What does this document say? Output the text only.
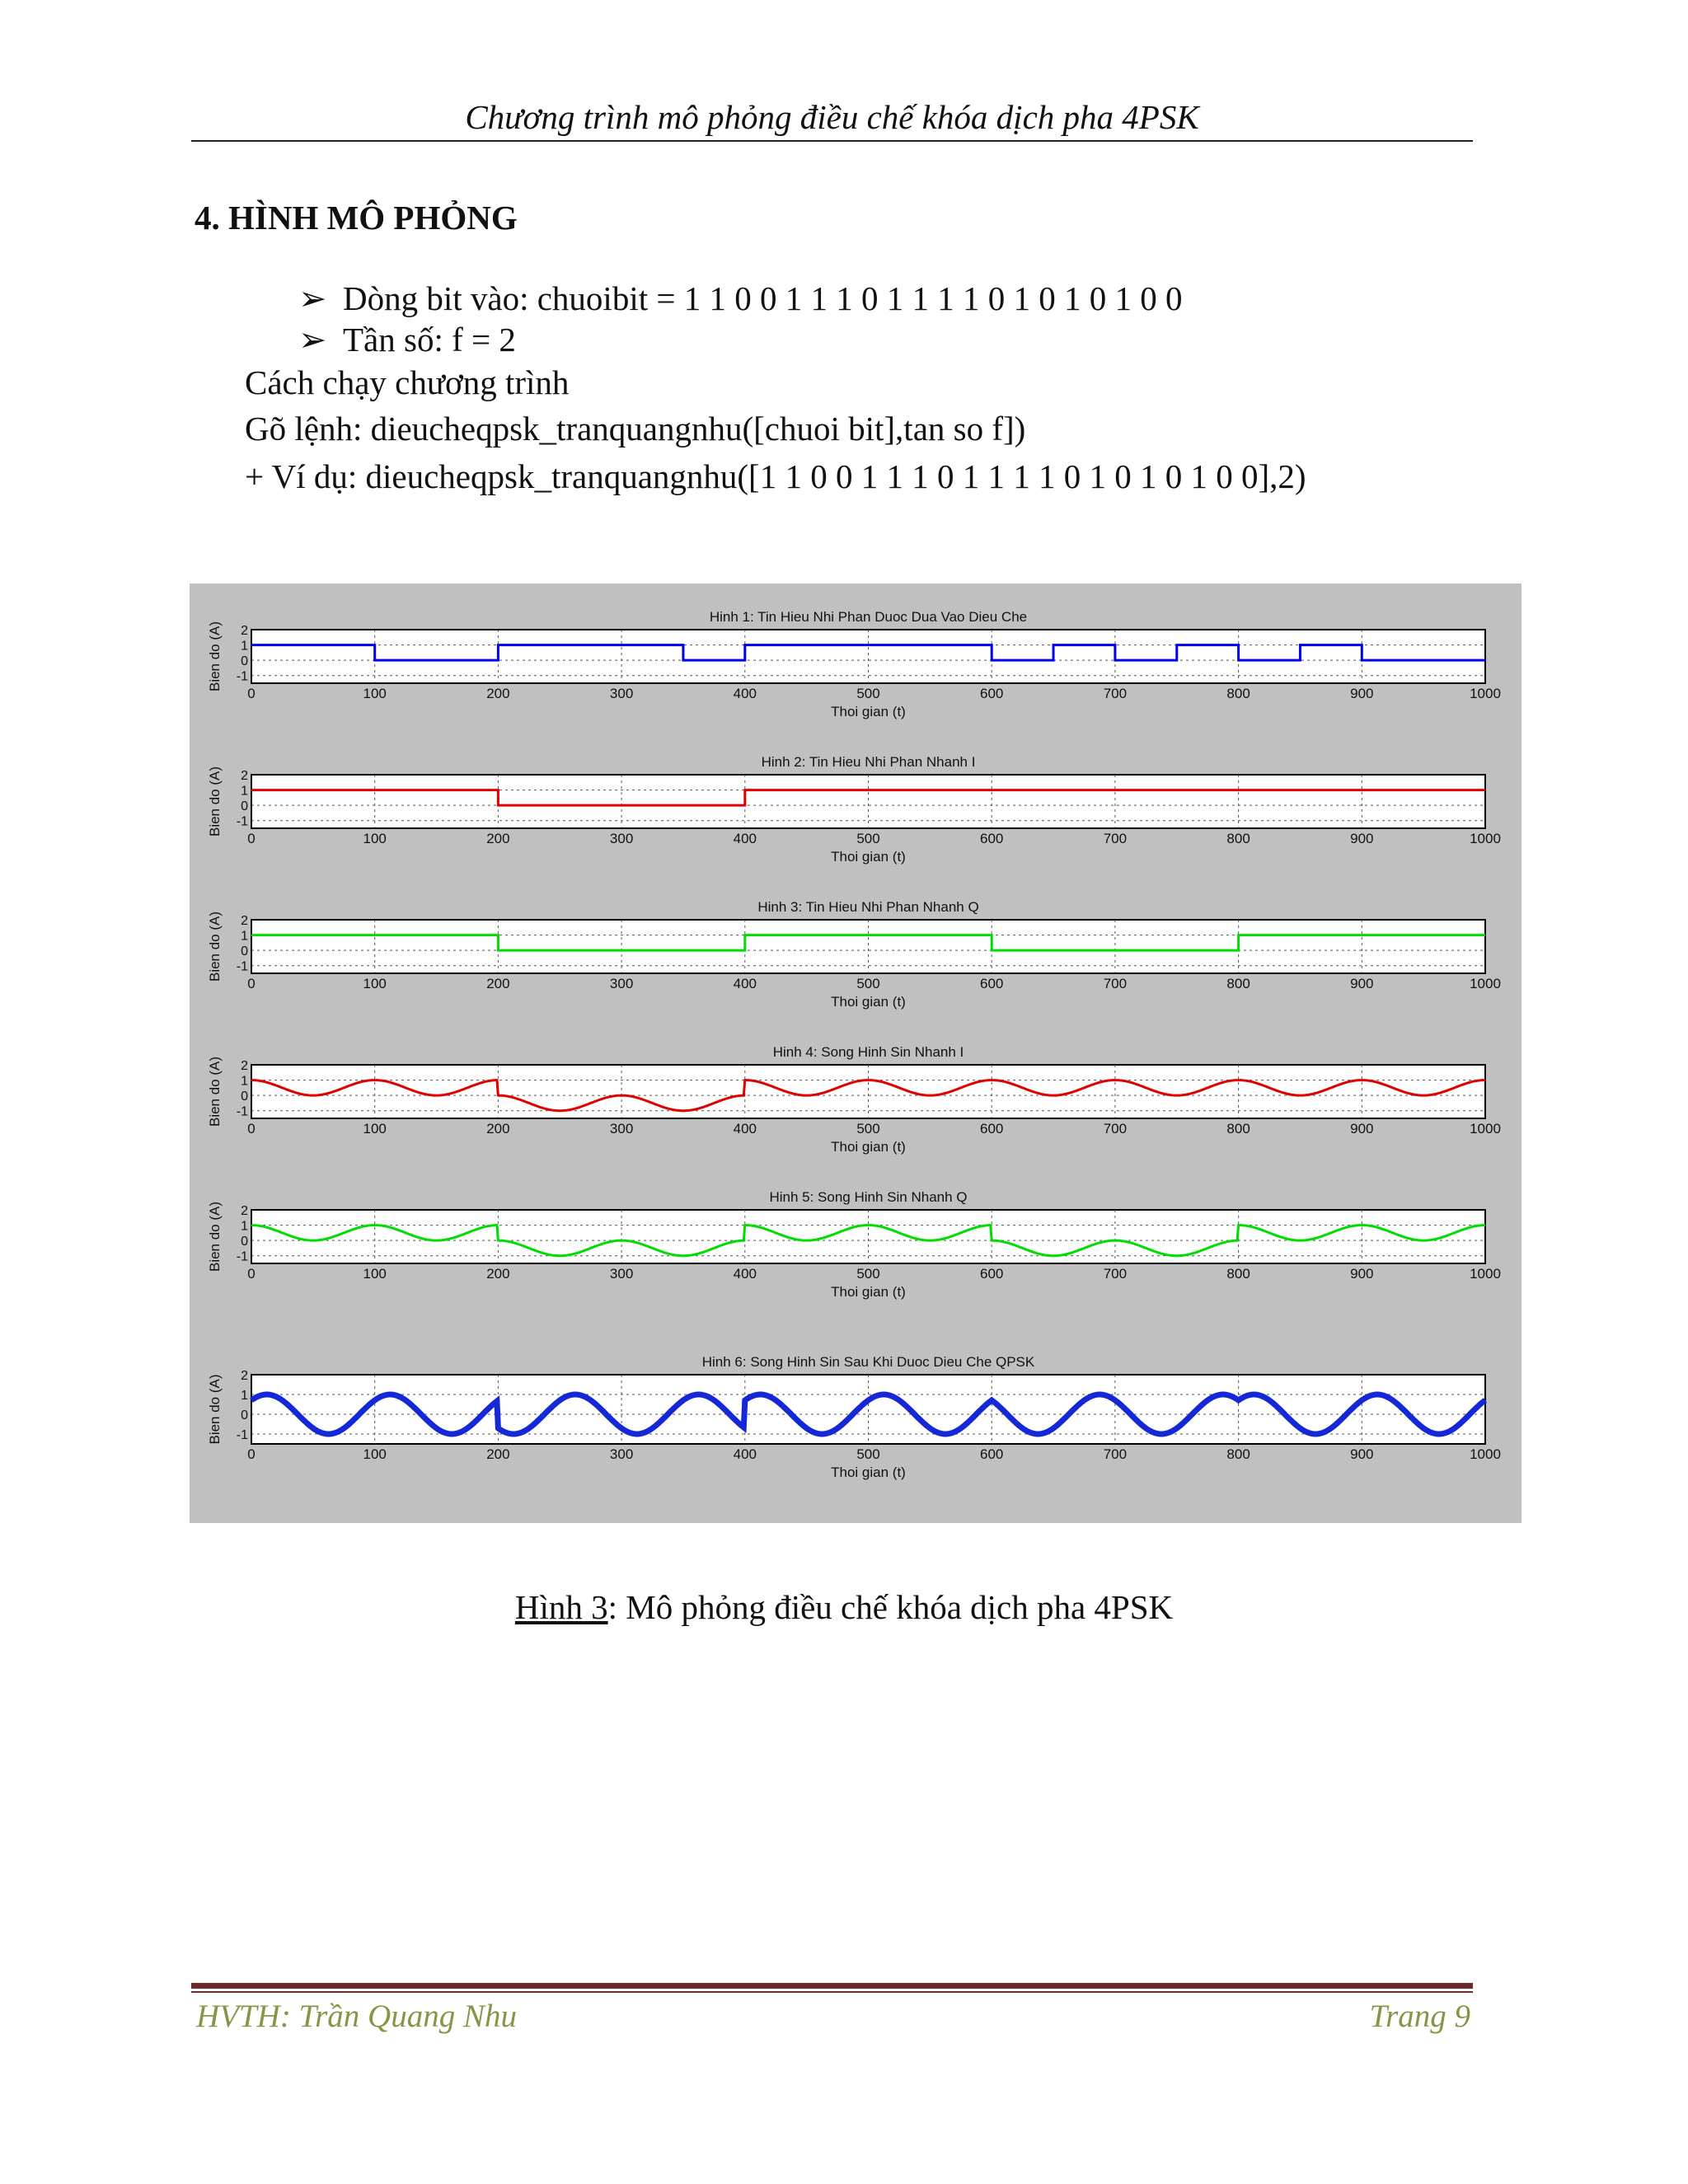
Chương trình mô phỏng điều chế khóa dịch pha 4PSK
4. HÌNH MÔ PHỎNG
➢ Dòng bit vào: chuoibit = 1 1 0 0 1 1 1 0 1 1 1 1 0 1 0 1 0 1 0 0
➢ Tần số: f = 2
Cách chạy chương trình
Gõ lệnh: dieucheqpsk_tranquangnhu([chuoi bit],tan so f])
+ Ví dụ: dieucheqpsk_tranquangnhu([1 1 0 0 1 1 1 0 1 1 1 1 0 1 0 1 0 1 0 0],2)
Hinh 1: Tin Hieu Nhi Phan Duoc Dua Vao Dieu Che
0	100	200	300	400	500	600	700	800	900	1000
-1
0
1
2
Thoi gian (t)
Bien do (A)
Hinh 2: Tin Hieu Nhi Phan Nhanh I
0	100	200	300	400	500	600	700	800	900	1000
-1
0
1
2
Thoi gian (t)
Bien do (A)
Hinh 3: Tin Hieu Nhi Phan Nhanh Q
0	100	200	300	400	500	600	700	800	900	1000
-1
0
1
2
Thoi gian (t)
Bien do (A)
Hinh 4: Song Hinh Sin Nhanh I
0	100	200	300	400	500	600	700	800	900	1000
-1
0
1
2
Thoi gian (t)
Bien do (A)
Hinh 5: Song Hinh Sin Nhanh Q
0	100	200	300	400	500	600	700	800	900	1000
-1
0
1
2
Thoi gian (t)
Bien do (A)
Hinh 6: Song Hinh Sin Sau Khi Duoc Dieu Che QPSK
0	100	200	300	400	500	600	700	800	900	1000
-1
0
1
2
Thoi gian (t)
Bien do (A)
Hình 3: Mô phỏng điều chế khóa dịch pha 4PSK
HVTH: Trần Quang Nhu	Trang 9
